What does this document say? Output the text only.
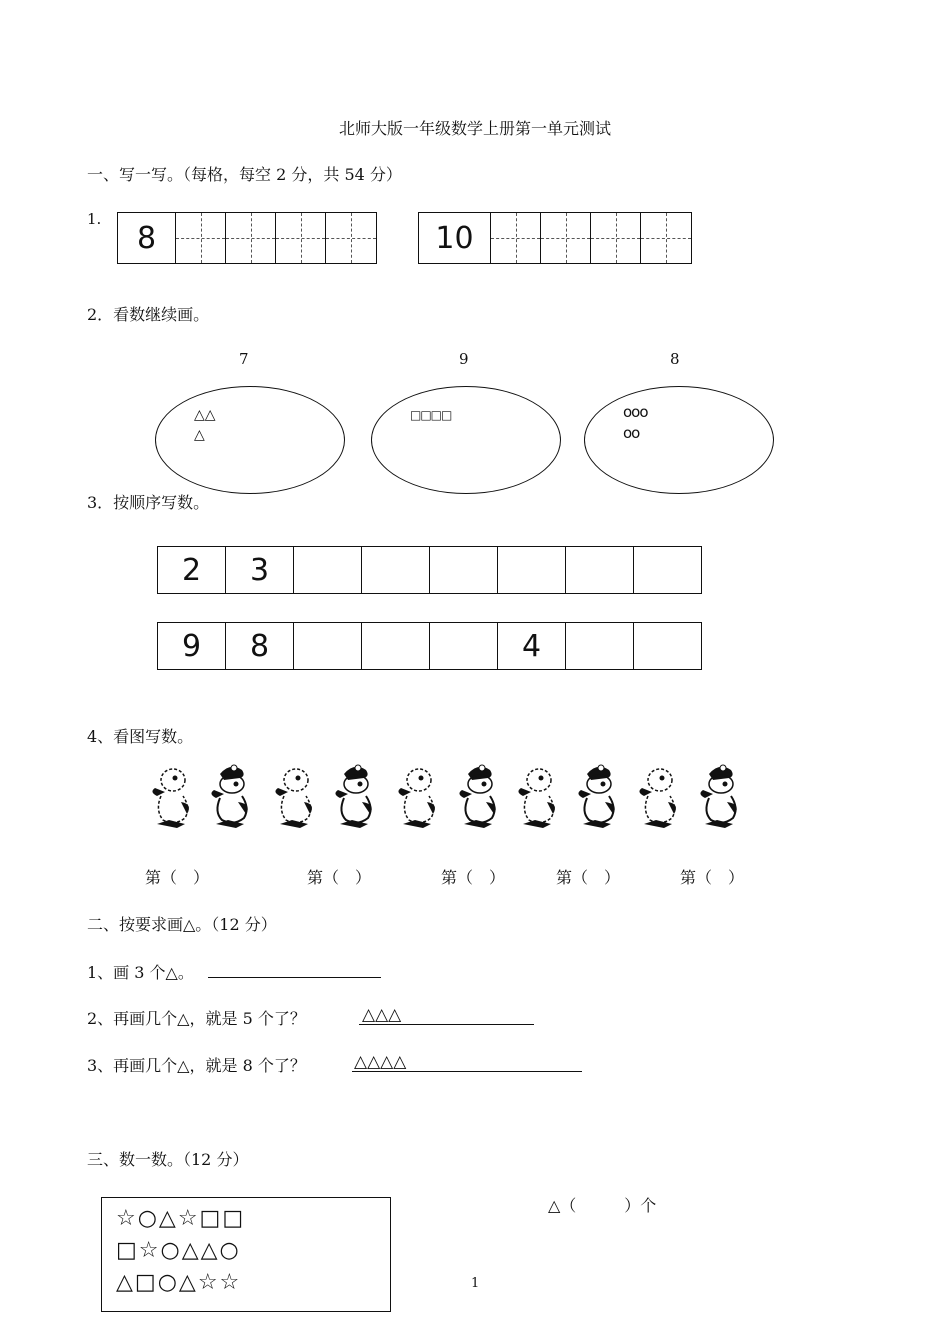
北师大版一年级数学上册第一单元测试
一、写一写。（每格，每空 2 分，共 54 分）
1.
8	10
2．看数继续画。
7	9	8
△△
△
□□□□	ooo
oo
3．按顺序写数。
2	3
9	8	4
4、看图写数。
第（　）	第（　）	第（　）	第（　）	第（　）
二、按要求画△。（12 分）
1、画 3 个△。
2、再画几个△，就是 5 个了？	△△△
3、再画几个△，就是 8 个了？	△△△△
三、数一数。（12 分）
☆○△☆□□
□☆○△△○
△□○△☆☆
△（　　　）个
1
